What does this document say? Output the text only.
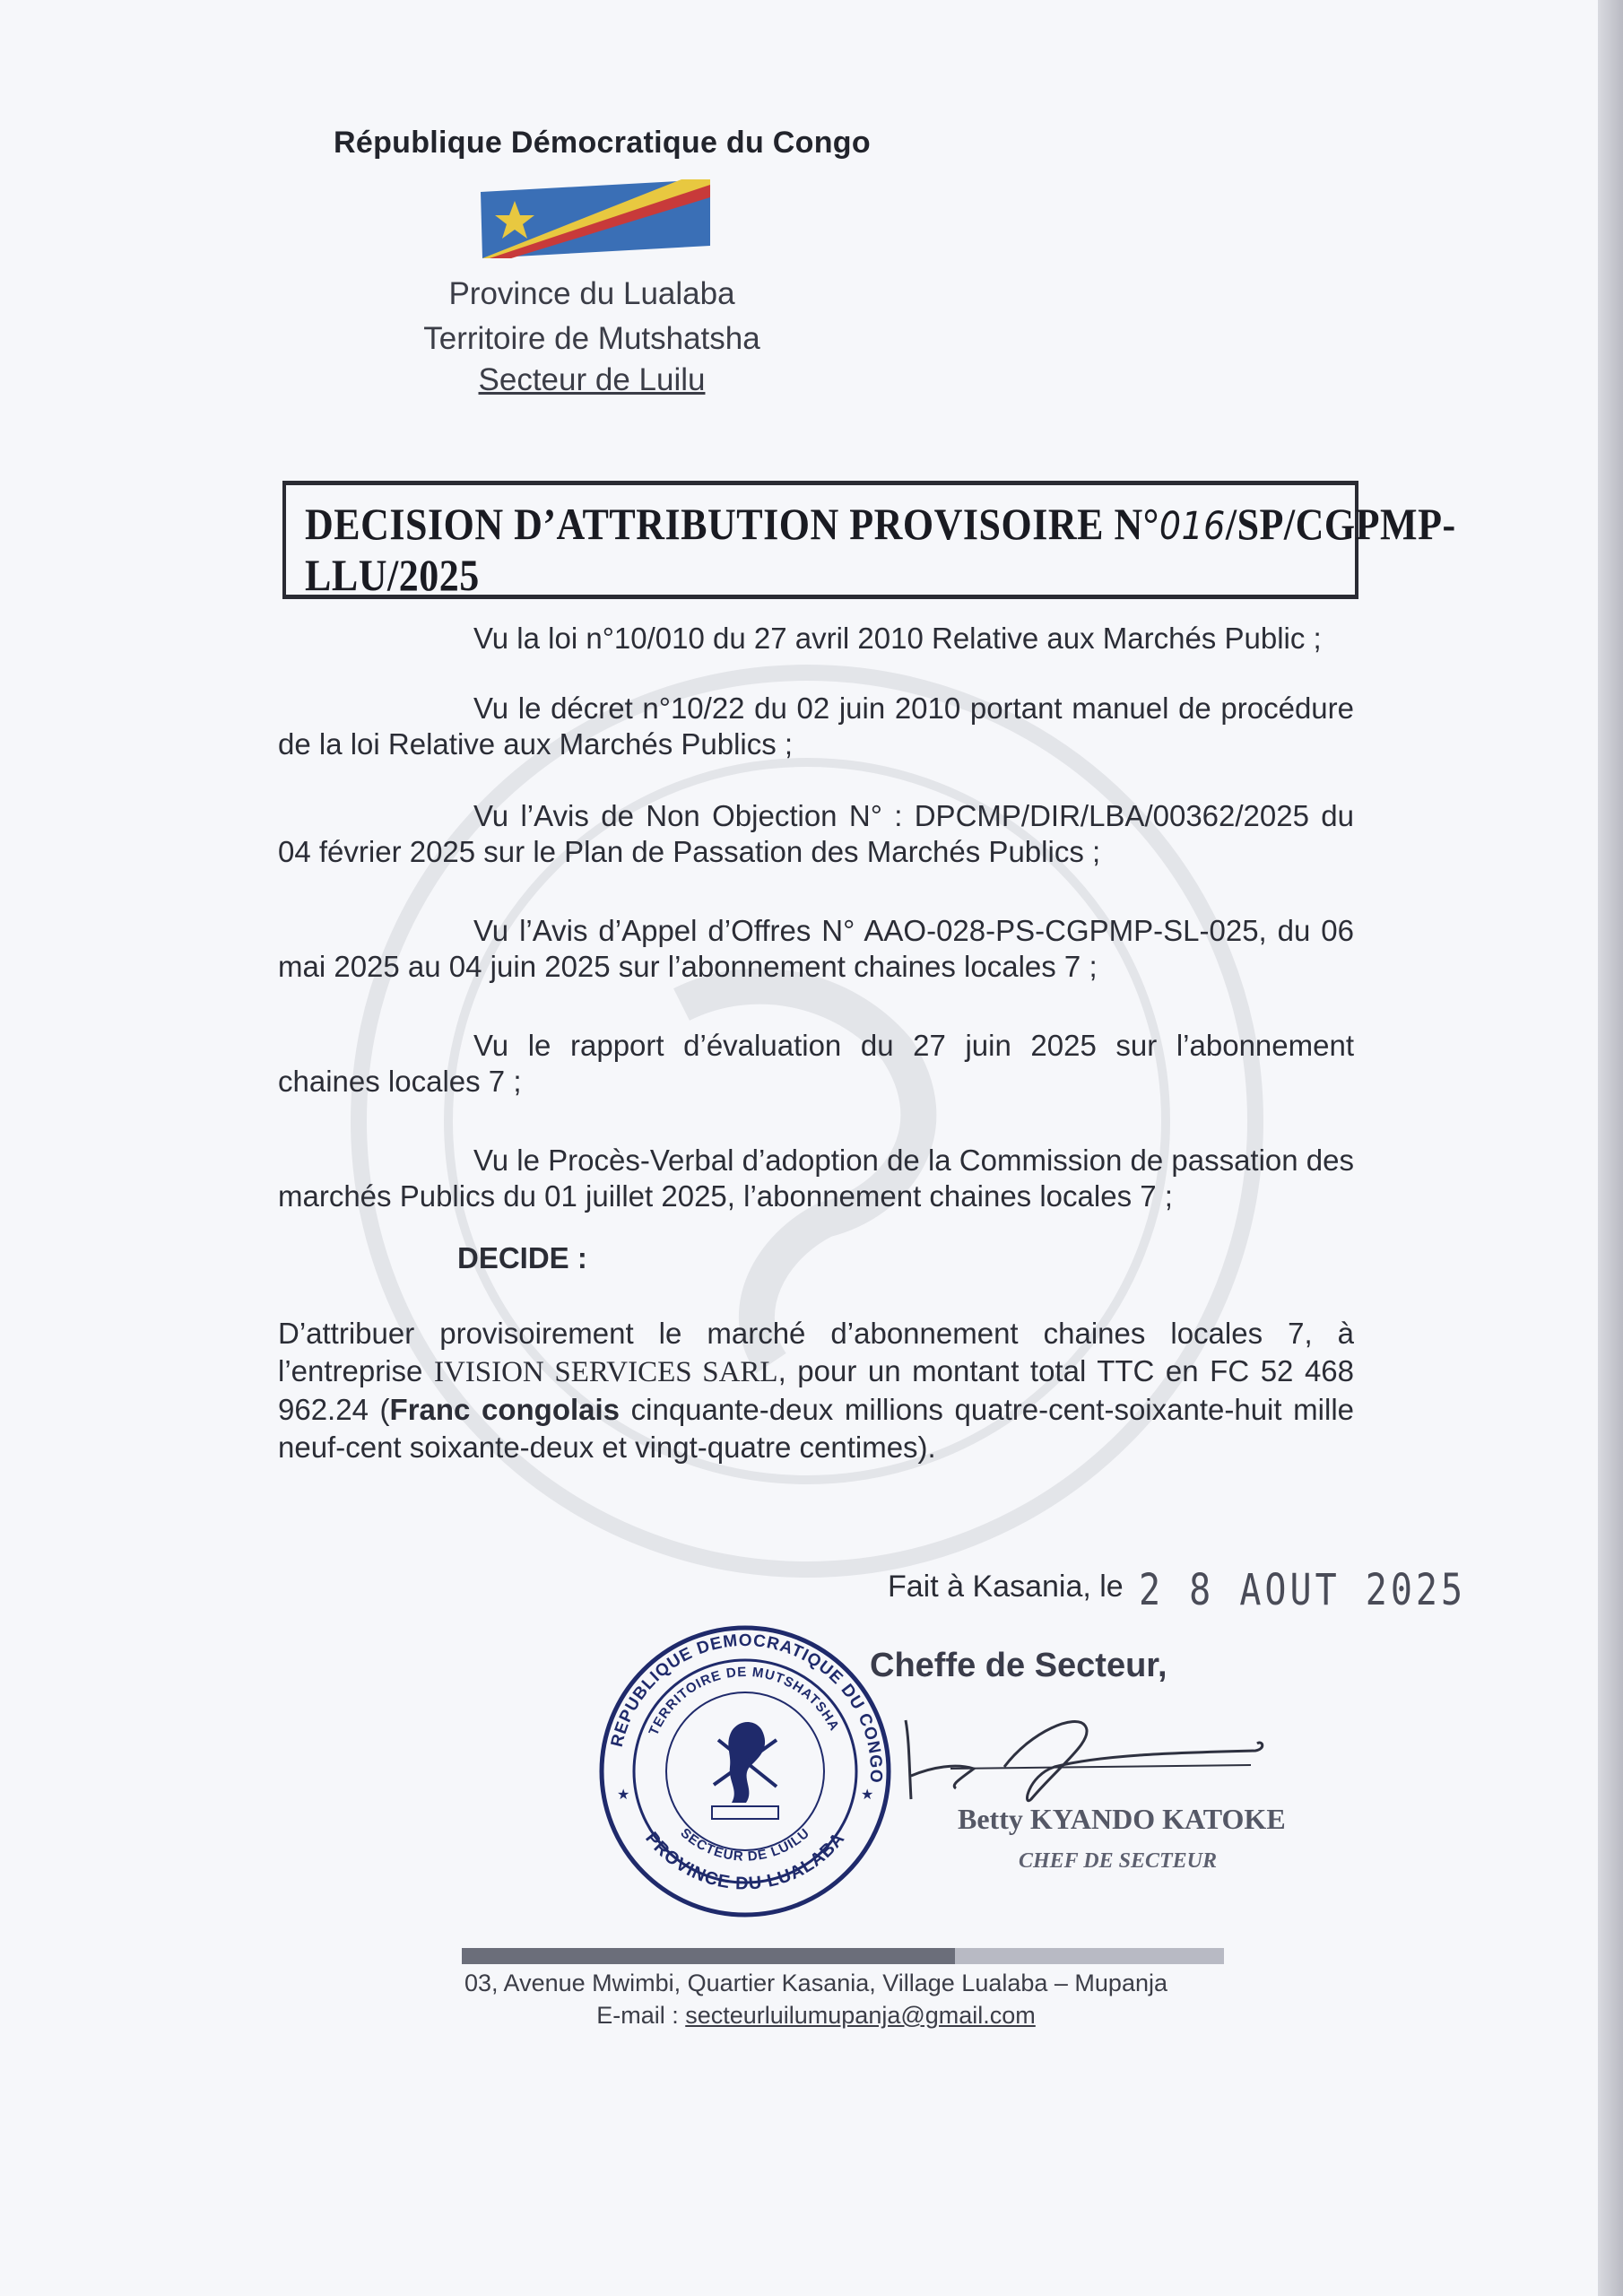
République Démocratique du Congo
Province du Lualaba
Territoire de Mutshatsha
Secteur de Luilu
DECISION D’ATTRIBUTION PROVISOIRE N°016/SP/CGPMP-LLU/2025
Vu la loi n°10/010 du 27 avril 2010 Relative aux Marchés Public ;
Vu le décret n°10/22 du 02 juin 2010 portant manuel de procédure de la loi Relative aux Marchés Publics ;
Vu l’Avis de Non Objection N° : DPCMP/DIR/LBA/00362/2025 du 04 février 2025 sur le Plan de Passation des Marchés Publics ;
Vu l’Avis d’Appel d’Offres N° AAO-028-PS-CGPMP-SL-025, du 06 mai 2025 au 04 juin 2025 sur l’abonnement chaines locales 7 ;
Vu le rapport d’évaluation du 27 juin 2025 sur l’abonnement chaines locales 7 ;
Vu le Procès-Verbal d’adoption de la Commission de passation des marchés Publics du 01 juillet 2025, l’abonnement chaines locales 7 ;
DECIDE :
D’attribuer provisoirement le marché d’abonnement chaines locales 7, à l’entreprise IVISION SERVICES SARL, pour un montant total TTC en FC 52 468 962.24 (Franc congolais cinquante-deux millions quatre-cent-soixante-huit mille neuf-cent soixante-deux et vingt-quatre centimes).
Fait à Kasania, le 2 8 AOUT 2025
Cheffe de Secteur,
REPUBLIQUE DEMOCRATIQUE DU CONGO
TERRITOIRE DE MUTSHATSHA
PROVINCE DU LUALABA
SECTEUR DE LUILU
★	★
Betty KYANDO KATOKE
CHEF DE SECTEUR
03, Avenue Mwimbi, Quartier Kasania, Village Lualaba – Mupanja
E-mail : secteurluilumupanja@gmail.com
